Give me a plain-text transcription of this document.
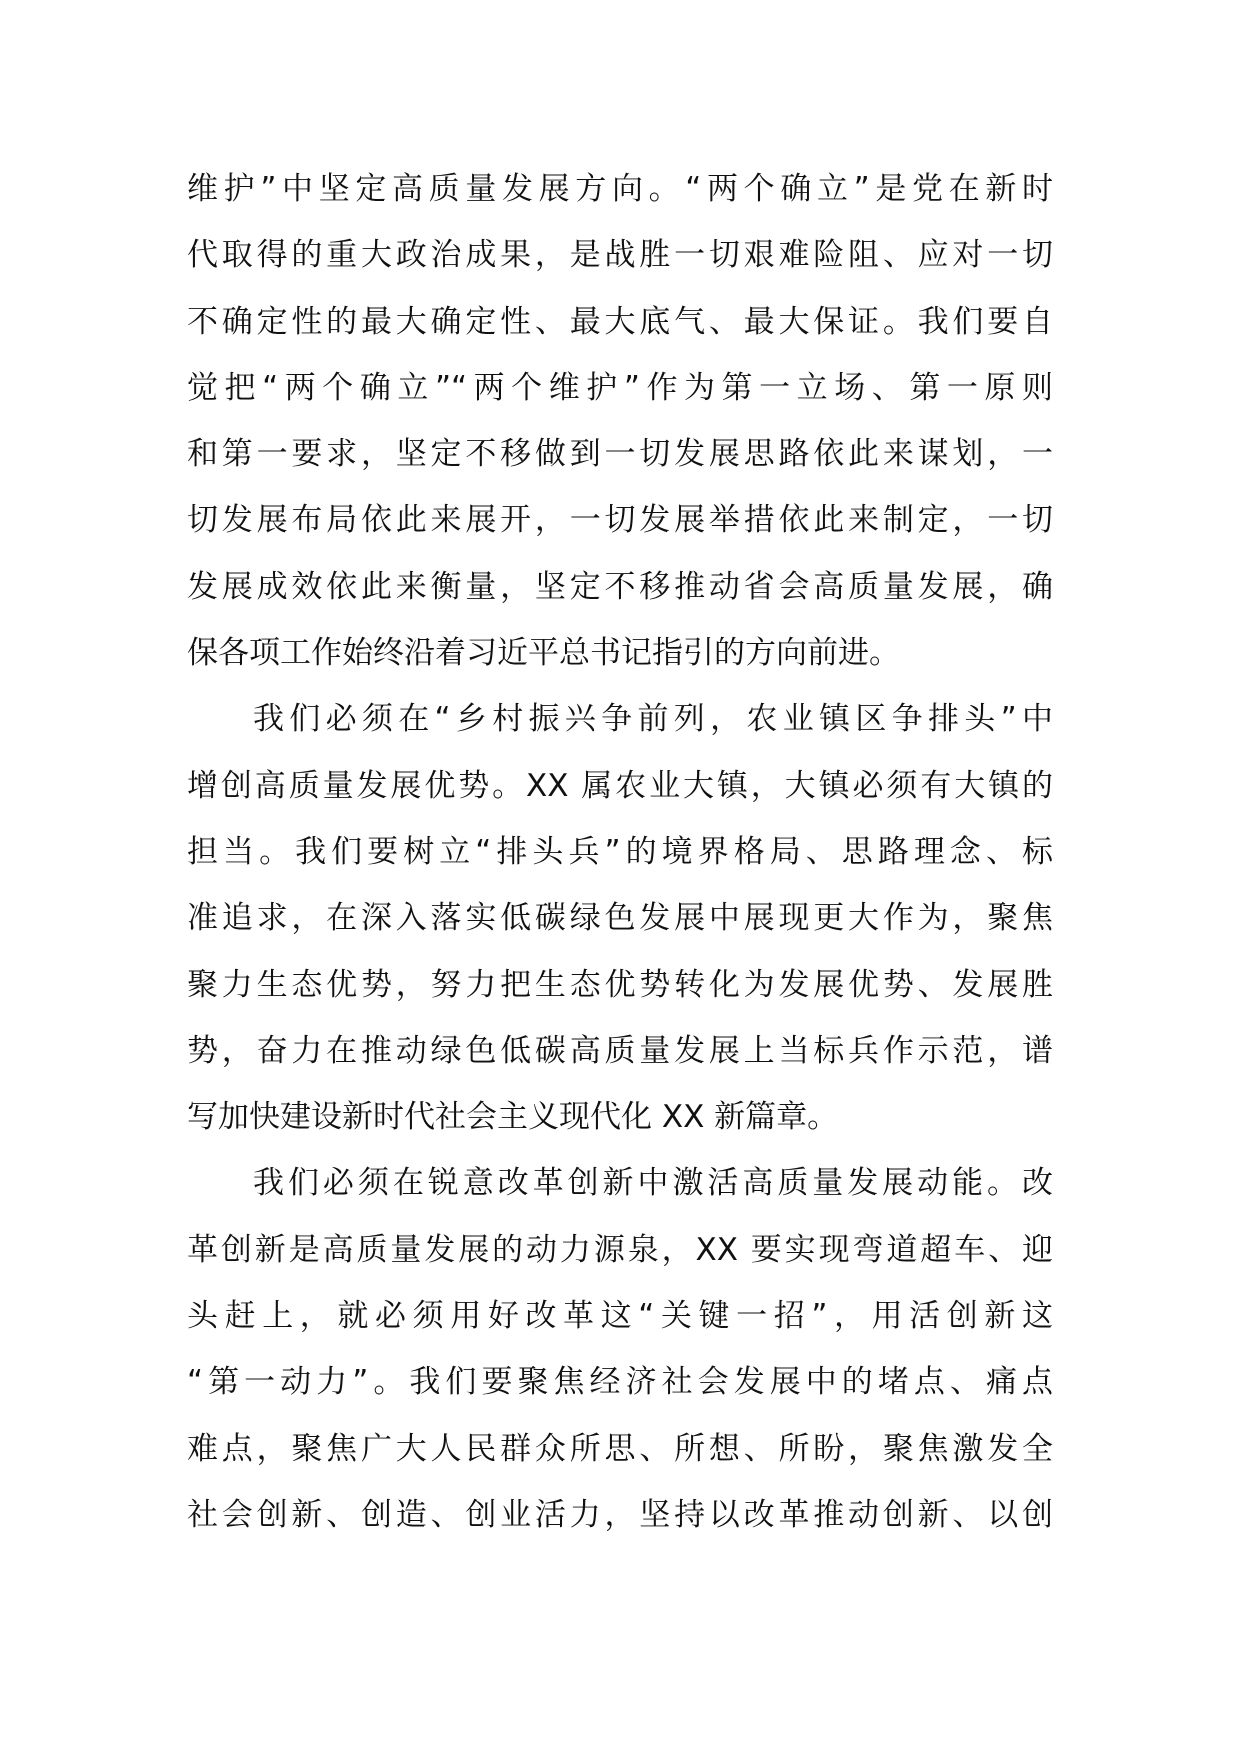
维护”中坚定高质量发展方向。“两个确立”是党在新时
代取得的重大政治成果，是战胜一切艰难险阻、应对一切
不确定性的最大确定性、最大底气、最大保证。我们要自
觉把“两个确立”“两个维护”作为第一立场、第一原则
和第一要求，坚定不移做到一切发展思路依此来谋划，一
切发展布局依此来展开，一切发展举措依此来制定，一切
发展成效依此来衡量，坚定不移推动省会高质量发展，确
保各项工作始终沿着习近平总书记指引的方向前进。
我们必须在“乡村振兴争前列，农业镇区争排头”中
增创高质量发展优势。XX 属农业大镇，大镇必须有大镇的
担当。我们要树立“排头兵”的境界格局、思路理念、标
准追求，在深入落实低碳绿色发展中展现更大作为，聚焦
聚力生态优势，努力把生态优势转化为发展优势、发展胜
势，奋力在推动绿色低碳高质量发展上当标兵作示范，谱
写加快建设新时代社会主义现代化 XX 新篇章。
我们必须在锐意改革创新中激活高质量发展动能。改
革创新是高质量发展的动力源泉，XX 要实现弯道超车、迎
头赶上，就必须用好改革这“关键一招”，用活创新这
“第一动力”。我们要聚焦经济社会发展中的堵点、痛点
难点，聚焦广大人民群众所思、所想、所盼，聚焦激发全
社会创新、创造、创业活力，坚持以改革推动创新、以创
